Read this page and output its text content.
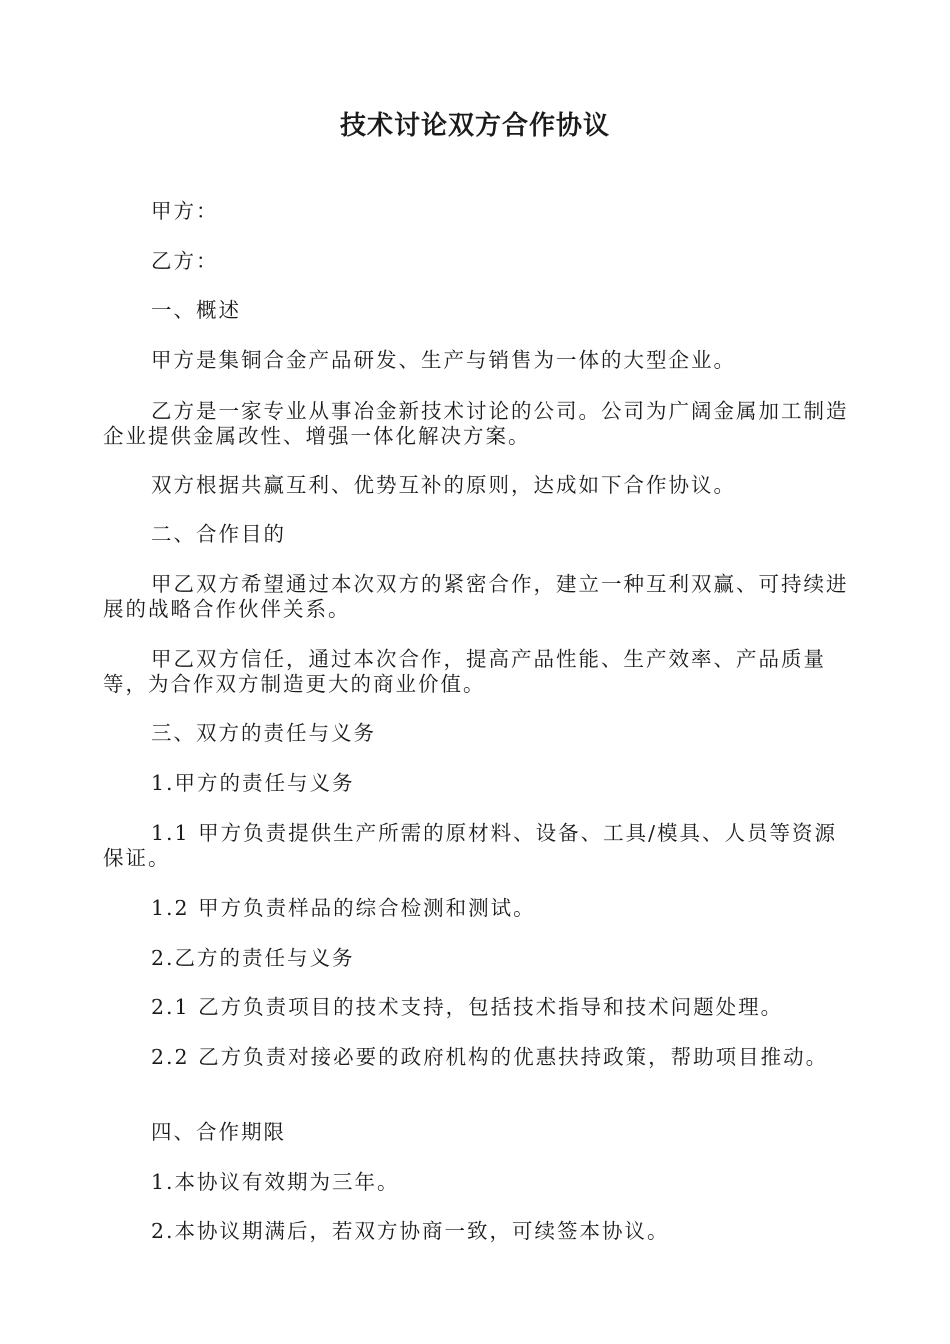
技术讨论双方合作协议

甲方：

乙方：

一、概述

甲方是集铜合金产品研发、生产与销售为一体的大型企业。

乙方是一家专业从事冶金新技术讨论的公司。公司为广阔金属加工制造企业提供金属改性、增强一体化解决方案。

双方根据共赢互利、优势互补的原则，达成如下合作协议。

二、合作目的

甲乙双方希望通过本次双方的紧密合作，建立一种互利双赢、可持续进展的战略合作伙伴关系。

甲乙双方信任，通过本次合作，提高产品性能、生产效率、产品质量等，为合作双方制造更大的商业价值。

三、双方的责任与义务

1.甲方的责任与义务

1.1 甲方负责提供生产所需的原材料、设备、工具/模具、人员等资源保证。

1.2 甲方负责样品的综合检测和测试。

2.乙方的责任与义务

2.1 乙方负责项目的技术支持，包括技术指导和技术问题处理。

2.2 乙方负责对接必要的政府机构的优惠扶持政策，帮助项目推动。

四、合作期限

1.本协议有效期为三年。

2.本协议期满后，若双方协商一致，可续签本协议。
